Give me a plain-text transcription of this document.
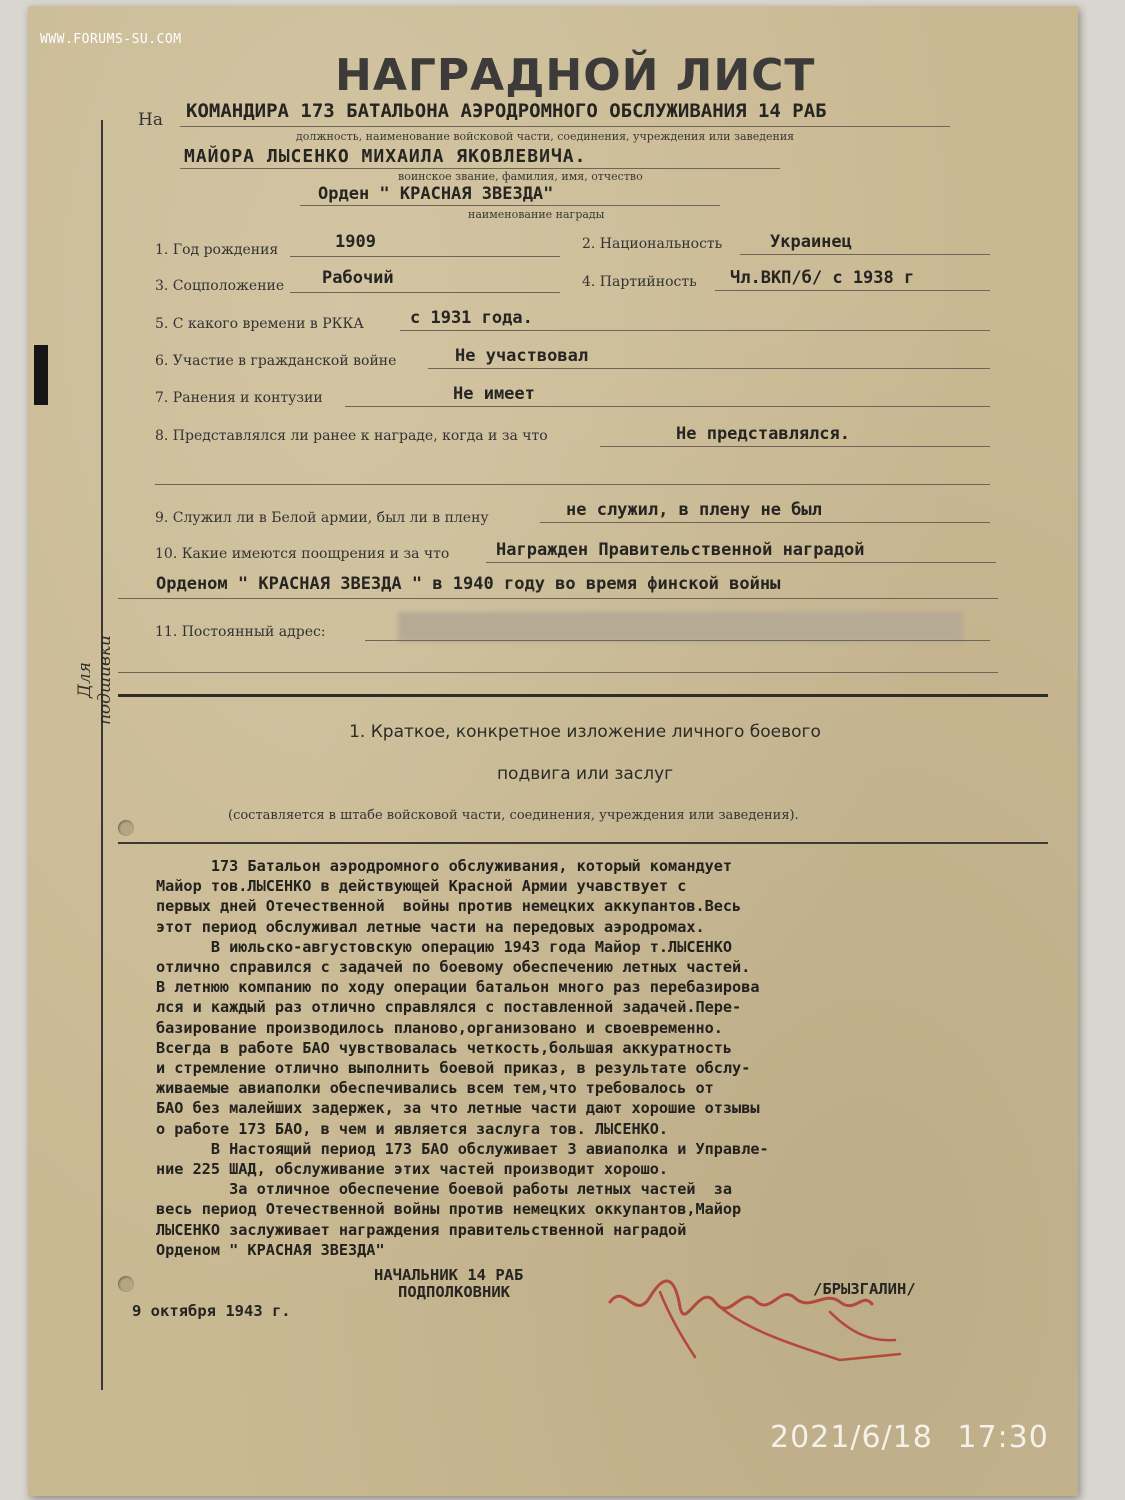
WWW.FORUMS-SU.COM
Для подшивки
НАГРАДНОЙ ЛИСТ
На КОМАНДИРА 173 БАТАЛЬОНА АЭРОДРОМНОГО ОБСЛУЖИВАНИЯ 14 РАБ
должность, наименование войсковой части, соединения, учреждения или заведения
МАЙОРА ЛЫСЕНКО МИХАИЛА ЯКОВЛЕВИЧА.
воинское звание, фамилия, имя, отчество
Орден " КРАСНАЯ ЗВЕЗДА"
наименование награды
1. Год рождения	1909	2. Национальность	Украинец
3. Соцположение Рабочий	4. Партийность Чл.ВКП/б/ с 1938 г
5. С какого времени в РККА	с 1931 года.
6. Участие в гражданской войне	Не участвовал
7. Ранения и контузии	Не имеет
8. Представлялся ли ранее к награде, когда и за что	Не представлялся.
9. Служил ли в Белой армии, был ли в плену	не служил, в плену не был
10. Какие имеются поощрения и за что	Награжден Правительственной наградой
Орденом " КРАСНАЯ ЗВЕЗДА " в 1940 году во время финской войны
11. Постоянный адрес:
1. Краткое, конкретное изложение личного боевого
подвига или заслуг
(составляется в штабе войсковой части, соединения, учреждения или заведения).

173 Батальон аэродромного обслуживания, который командует

Майор тов.ЛЫСЕНКО в действующей Красной Армии учавствует с

первых дней Отечественной  войны против немецких аккупантов.Весь

этот период обслуживал летные части на передовых аэродромах.

В июльско-августовскую операцию 1943 года Майор т.ЛЫСЕНКО

отлично справился с задачей по боевому обеспечению летных частей.

В летнюю компанию по ходу операции батальон много раз перебазирова

лся и каждый раз отлично справлялся с поставленной задачей.Пере-

базирование производилось планово,организовано и своевременно.

Всегда в работе БАО чувствовалась четкость,большая аккуратность

и стремление отлично выполнить боевой приказ, в результате обслу-

живаемые авиаполки обеспечивались всем тем,что требовалось от

БАО без малейших задержек, за что летные части дают хорошие отзывы

о работе 173 БАО, в чем и является заслуга тов. ЛЫСЕНКО.

В Настоящий период 173 БАО обслуживает 3 авиаполка и Управле-

ние 225 ШАД, обслуживание этих частей производит хорошо.

За отличное обеспечение боевой работы летных частей  за

весь период Отечественной войны против немецких оккупантов,Майор

ЛЫСЕНКО заслуживает награждения правительственной наградой

Орденом " КРАСНАЯ ЗВЕЗДА"

НАЧАЛЬНИК 14 РАБ
ПОДПОЛКОВНИК	/БРЫЗГАЛИН/
9 октября 1943 г.
2021/6/18 17:30
